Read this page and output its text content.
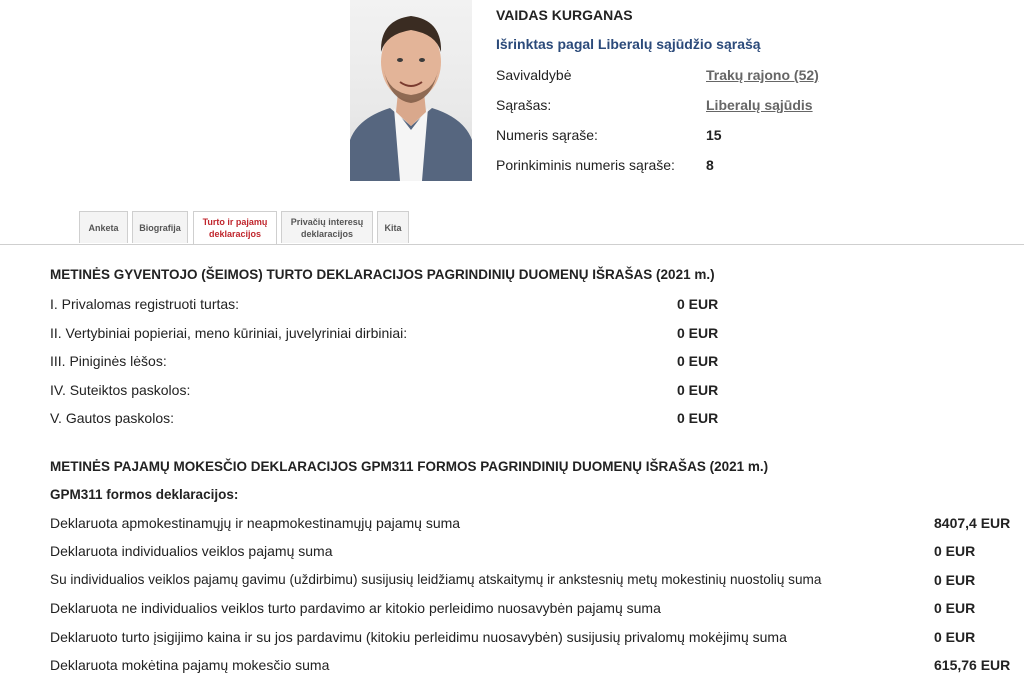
VAIDAS KURGANAS
Išrinktas pagal Liberalų sąjūdžio sąrašą
Savivaldybė	Trakų rajono (52)
Sąrašas:	Liberalų sąjūdis
Numeris sąraše:	15
Porinkiminis numeris sąraše: 8
Anketa	Biografija
Turto ir pajamų deklaracijos
Privačių interesų deklaracijos
Kita
METINĖS GYVENTOJO (ŠEIMOS) TURTO DEKLARACIJOS PAGRINDINIŲ DUOMENŲ IŠRAŠAS (2021 m.)
I. Privalomas registruoti turtas:	0 EUR
II. Vertybiniai popieriai, meno kūriniai, juvelyriniai dirbiniai:	0 EUR
III. Piniginės lėšos:	0 EUR
IV. Suteiktos paskolos:	0 EUR
V. Gautos paskolos:	0 EUR
METINĖS PAJAMŲ MOKESČIO DEKLARACIJOS GPM311 FORMOS PAGRINDINIŲ DUOMENŲ IŠRAŠAS (2021 m.)
GPM311 formos deklaracijos:
Deklaruota apmokestinamųjų ir neapmokestinamųjų pajamų suma	8407,4 EUR
Deklaruota individualios veiklos pajamų suma	0 EUR
Su individualios veiklos pajamų gavimu (uždirbimu) susijusių leidžiamų atskaitymų ir ankstesnių metų mokestinių nuostolių suma	0 EUR
Deklaruota ne individualios veiklos turto pardavimo ar kitokio perleidimo nuosavybėn pajamų suma	0 EUR
Deklaruoto turto įsigijimo kaina ir su jos pardavimu (kitokiu perleidimu nuosavybėn) susijusių privalomų mokėjimų suma	0 EUR
Deklaruota mokėtina pajamų mokesčio suma	615,76 EUR
